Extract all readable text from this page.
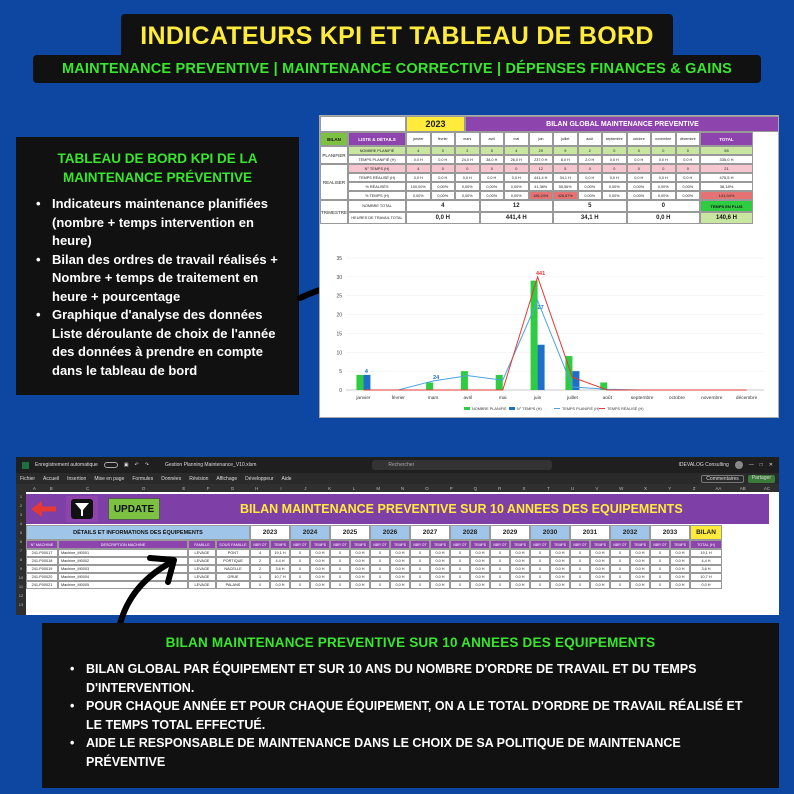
INDICATEURS KPI ET TABLEAU DE BORD
MAINTENANCE PREVENTIVE | MAINTENANCE CORRECTIVE | DÉPENSES FINANCES & GAINS
TABLEAU DE BORD KPI DE LA MAINTENANCE PRÉVENTIVE
• Indicateurs maintenance planifiées (nombre + temps intervention en heure)
• Bilan des ordres de travail réalisés + Nombre + temps de traitement en heure + pourcentage
• Graphique d'analyse des données Liste déroulante de choix de l'année des données à prendre en compte dans le tableau de bord
2023	BILAN GLOBAL MAINTENANCE PREVENTIVE
BILAN	LISTE & DÉTAILS	janvier	février	mars	avril	mai	juin	juillet	août	septembre	octobre	novembre	décembre	TOTAL
PLANIFIER
REALISER
NOMBRE PLANIFIÉ	4	0	2	5	4	29	9	2	0	0	0	0	55
TEMPS PLANIFIÉ (H)	0,0 H	0,0 H	24,0 H	38,0 H	26,0 H	237,0 H	8,0 H	2,0 H	0,0 H	0,0 H	0,0 H	0,0 H	335,0 H
N° TEMPS (H)	4	0	0	0	0	12	5	0	0	0	0	0	21
TEMPS RÉALISÉ (H)	0,0 H	0,0 H	0,0 H	0,0 H	0,0 H	441,4 H	34,1 H	0,0 H	0,0 H	0,0 H	0,0 H	0,0 H	475,5 H
% RÉALISÉS	100,00%	0,00%	0,00%	0,00%	0,00%	41,38%	55,56%	0,00%	0,00%	0,00%	0,00%	0,00%	38,18%
% TEMPS (H)	0,00%	0,00%	0,00%	0,00%	0,00%	186,24%	426,67%	0,00%	0,00%	0,00%	0,00%	0,00%	141,94%
TRIMESTRE
NOMBRE TOTAL	4	12	5	0	TEMPS EN PLUS
HEURES DE TRAVAIL TOTAL	0,0 H	441,4 H	34,1 H	0,0 H	140,6 H
0
5
10
15
20
25
30
35
janvier	février	mars	avril	mai	juin	juillet	août	septembre	octobre	novembre	décembre
4
24
441
27
NOMBRE PLANIFIÉ	N° TEMPS (H)	TEMPS PLANIFIÉ (H) TEMPS RÉALISÉ (H)
Enregistrement automatique	▣ ↶ ↷	Gestion Planning Maintenance_V10.xlsm	Rechercher	IDEVALOG Consulting	— □ ✕
Fichier Accueil Insertion Mise en page Formules Données Révision Affichage Développeur Aide	Commentaires	Partager
A	B	C	D	E	F	G	H	I	J	K	L	M	N	O	P	Q	R	S	T	U	V	W	X	Y	Z	AA	AB	AC
1
2
3
4
5
6
7
8
9
10
11
12
13
UPDATE	BILAN MAINTENANCE PREVENTIVE SUR 10 ANNEES DES EQUIPEMENTS
DÉTAILS ET INFORMATIONS DES ÉQUIPEMENTS	2023	2024	2025	2026	2027	2028	2029	2030	2031	2032	2033	BILAN
N° MACHINE	DESCRIPTION MACHINE	FAMILLE	SOUS FAMILLE	NBR OT	TEMPS	NBR OT	TEMPS	NBR OT	TEMPS	NBR OT	TEMPS	NBR OT	TEMPS	NBR OT	TEMPS	NBR OT	TEMPS	NBR OT	TEMPS	NBR OT	TEMPS	NBR OT	TEMPS	NBR OT	TEMPS	TOTAL (H)
241-P00017	Machine_M0001	LEVAGE	PONT	4	19,1 H	0	0,0 H	0	0,0 H	0	0,0 H	0	0,0 H	0	0,0 H	0	0,0 H	0	0,0 H	0	0,0 H	0	0,0 H	0	0,0 H	19,1 H
241-P00018	Machine_M0002	LEVAGE	PORTIQUE	2	4,4 H	0	0,0 H	0	0,0 H	0	0,0 H	0	0,0 H	0	0,0 H	0	0,0 H	0	0,0 H	0	0,0 H	0	0,0 H	0	0,0 H	4,4 H
241-P00019	Machine_M0003	LEVAGE	NACELLE	2	3,6 H	0	0,0 H	0	0,0 H	0	0,0 H	0	0,0 H	0	0,0 H	0	0,0 H	0	0,0 H	0	0,0 H	0	0,0 H	0	0,0 H	3,6 H
241-P00020	Machine_M0004	LEVAGE	GRUE	1	10,7 H	0	0,0 H	0	0,0 H	0	0,0 H	0	0,0 H	0	0,0 H	0	0,0 H	0	0,0 H	0	0,0 H	0	0,0 H	0	0,0 H	10,7 H
241-P00021	Machine_M0005	LEVAGE	PALANS	0	0,0 H	0	0,0 H	0	0,0 H	0	0,0 H	0	0,0 H	0	0,0 H	0	0,0 H	0	0,0 H	0	0,0 H	0	0,0 H	0	0,0 H	0,0 H
BILAN MAINTENANCE PREVENTIVE SUR 10 ANNEES DES EQUIPEMENTS
• BILAN GLOBAL PAR ÉQUIPEMENT ET SUR 10 ANS DU NOMBRE D'ORDRE DE TRAVAIL ET DU TEMPS D'INTERVENTION.
• POUR CHAQUE ANNÉE ET POUR CHAQUE ÉQUIPEMENT, ON A LE TOTAL D'ORDRE DE TRAVAIL RÉALISÉ ET LE TEMPS TOTAL EFFECTUÉ.
• AIDE LE RESPONSABLE DE MAINTENANCE DANS LE CHOIX DE SA POLITIQUE DE MAINTENANCE PRÉVENTIVE
